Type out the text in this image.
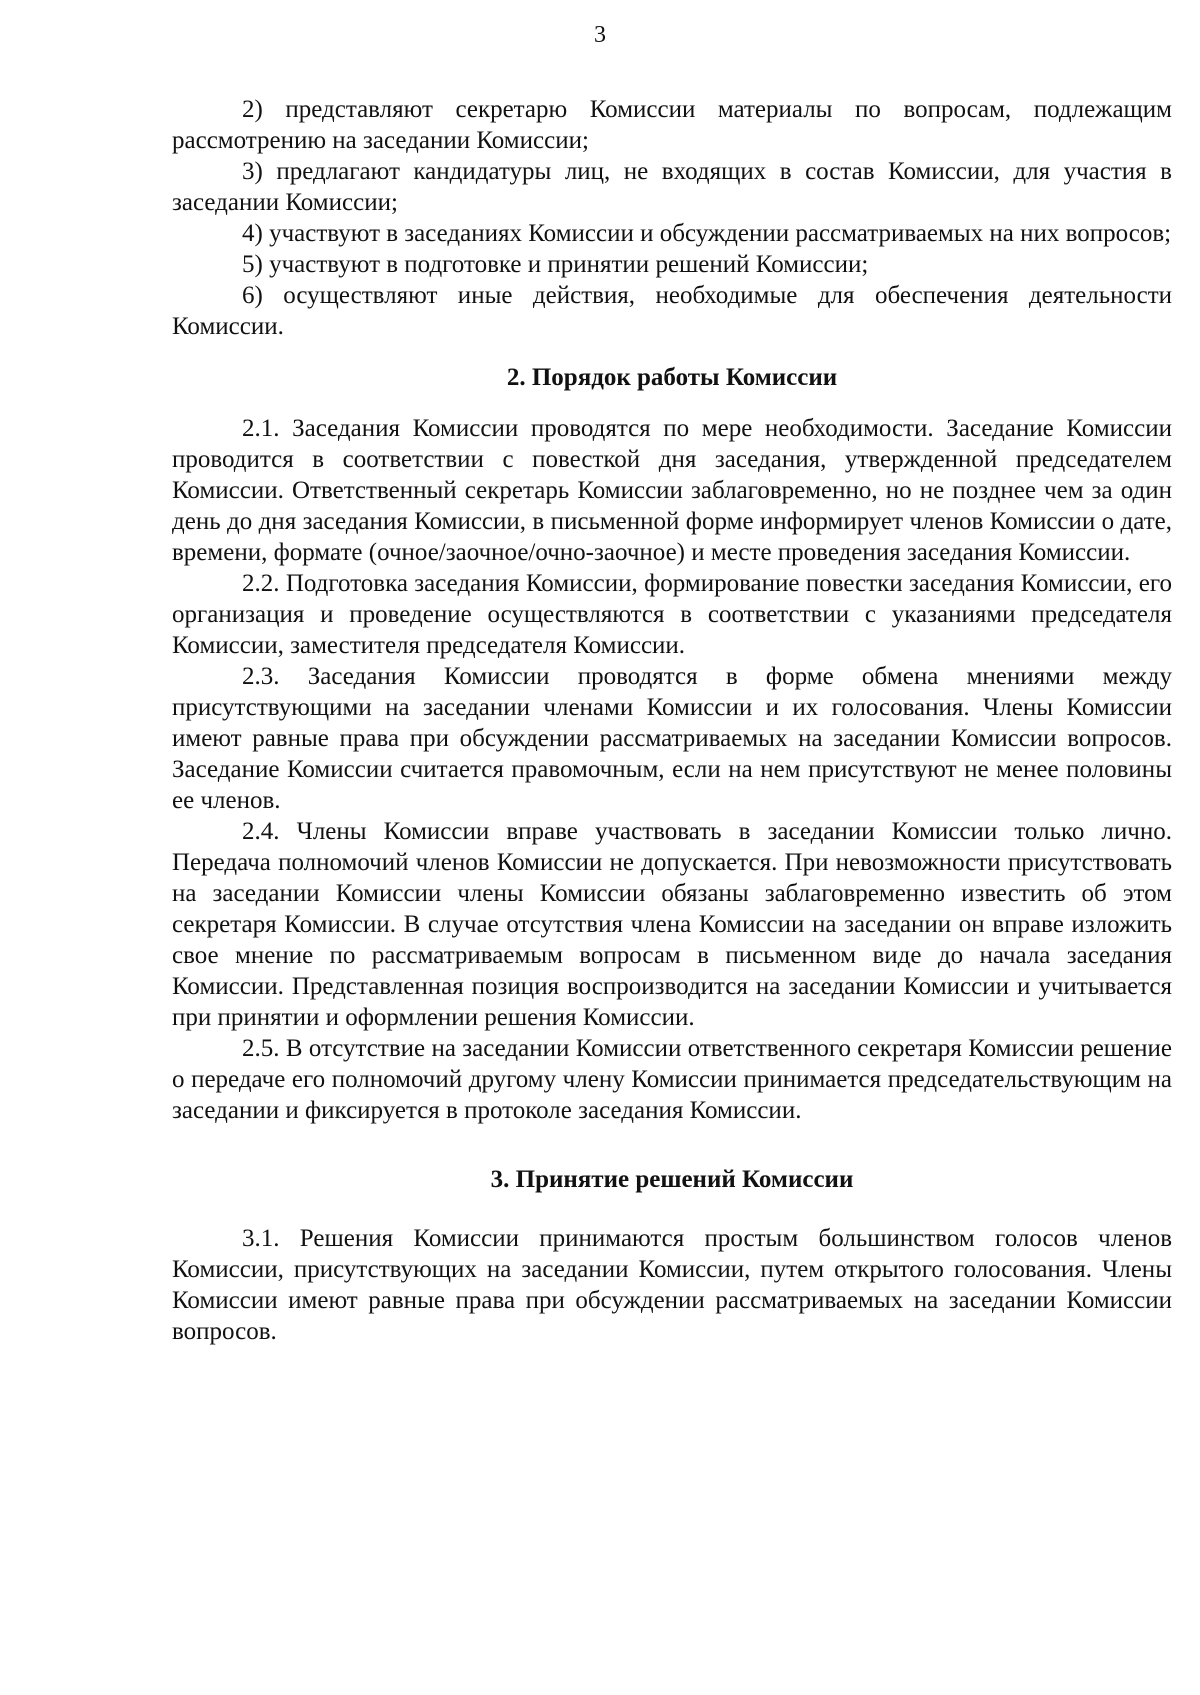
3

2) представляют секретарю Комиссии материалы по вопросам, подлежащим рассмотрению на заседании Комиссии;

3) предлагают кандидатуры лиц, не входящих в состав Комиссии, для участия в заседании Комиссии;

4) участвуют в заседаниях Комиссии и обсуждении рассматриваемых на них вопросов;

5) участвуют в подготовке и принятии решений Комиссии;

6) осуществляют иные действия, необходимые для обеспечения деятельности Комиссии.

2. Порядок работы Комиссии

2.1. Заседания Комиссии проводятся по мере необходимости. Заседание Комиссии проводится в соответствии с повесткой дня заседания, утвержденной председателем Комиссии. Ответственный секретарь Комиссии заблаговременно, но не позднее чем за один день до дня заседания Комиссии, в письменной форме информирует членов Комиссии о дате, времени, формате (очное/заочное/очно-заочное) и месте проведения заседания Комиссии.

2.2. Подготовка заседания Комиссии, формирование повестки заседания Комиссии, его организация и проведение осуществляются в соответствии с указаниями председателя Комиссии, заместителя председателя Комиссии.

2.3. Заседания Комиссии проводятся в форме обмена мнениями между присутствующими на заседании членами Комиссии и их голосования. Члены Комиссии имеют равные права при обсуждении рассматриваемых на заседании Комиссии вопросов. Заседание Комиссии считается правомочным, если на нем присутствуют не менее половины ее членов.

2.4. Члены Комиссии вправе участвовать в заседании Комиссии только лично. Передача полномочий членов Комиссии не допускается. При невозможности присутствовать на заседании Комиссии члены Комиссии обязаны заблаговременно известить об этом секретаря Комиссии. В случае отсутствия члена Комиссии на заседании он вправе изложить свое мнение по рассматриваемым вопросам в письменном виде до начала заседания Комиссии. Представленная позиция воспроизводится на заседании Комиссии и учитывается при принятии и оформлении решения Комиссии.

2.5. В отсутствие на заседании Комиссии ответственного секретаря Комиссии решение о передаче его полномочий другому члену Комиссии принимается председательствующим на заседании и фиксируется в протоколе заседания Комиссии.

3. Принятие решений Комиссии

3.1. Решения Комиссии принимаются простым большинством голосов членов Комиссии, присутствующих на заседании Комиссии, путем открытого голосования. Члены Комиссии имеют равные права при обсуждении рассматриваемых на заседании Комиссии вопросов.
